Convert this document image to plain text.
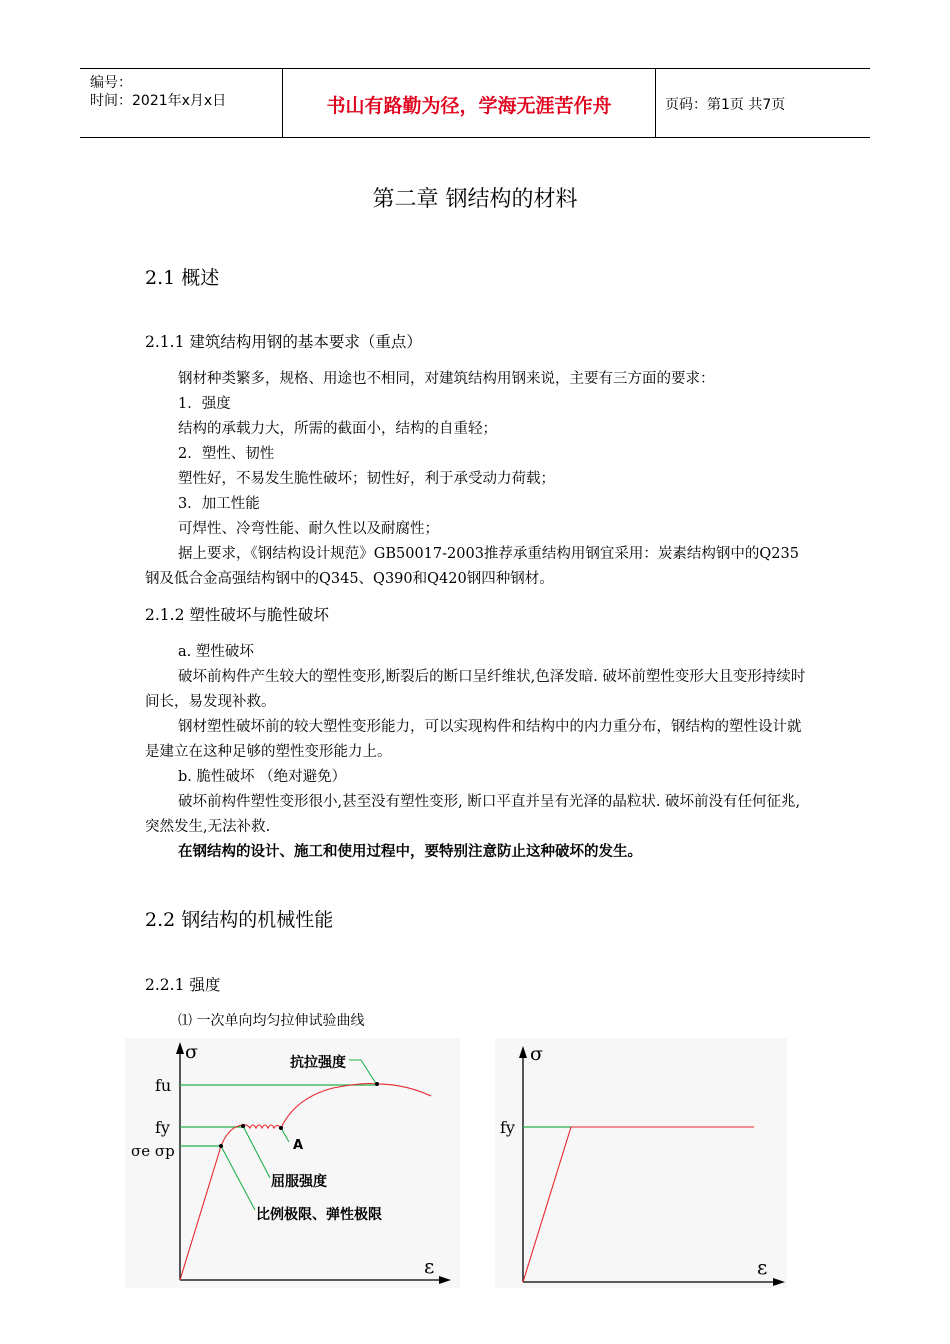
编号：
时间：2021年x月x日	书山有路勤为径，学海无涯苦作舟	页码：第1页 共7页
第二章 钢结构的材料
2.1 概述
2.1.1 建筑结构用钢的基本要求（重点）
钢材种类繁多，规格、用途也不相同，对建筑结构用钢来说，主要有三方面的要求：
1．强度
结构的承载力大，所需的截面小，结构的自重轻；
2．塑性、韧性
塑性好，不易发生脆性破坏；韧性好，利于承受动力荷载；
3．加工性能
可焊性、冷弯性能、耐久性以及耐腐性；
据上要求，《钢结构设计规范》GB50017-2003推荐承重结构用钢宜采用：炭素结构钢中的Q235钢及低合金高强结构钢中的Q345、Q390和Q420钢四种钢材。
2.1.2 塑性破坏与脆性破坏
a. 塑性破坏
破坏前构件产生较大的塑性变形,断裂后的断口呈纤维状,色泽发暗. 破坏前塑性变形大且变形持续时间长，易发现补救。
钢材塑性破坏前的较大塑性变形能力，可以实现构件和结构中的内力重分布，钢结构的塑性设计就是建立在这种足够的塑性变形能力上。
b. 脆性破坏 （绝对避免）
破坏前构件塑性变形很小,甚至没有塑性变形, 断口平直并呈有光泽的晶粒状. 破坏前没有任何征兆,突然发生,无法补救.
在钢结构的设计、施工和使用过程中，要特别注意防止这种破坏的发生。
2.2 钢结构的机械性能
2.2.1 强度
⑴ 一次单向均匀拉伸试验曲线
σ
ε
fu
fy
σe σp	A
抗拉强度
屈服强度
比例极限、弹性极限
σ
ε
fy
